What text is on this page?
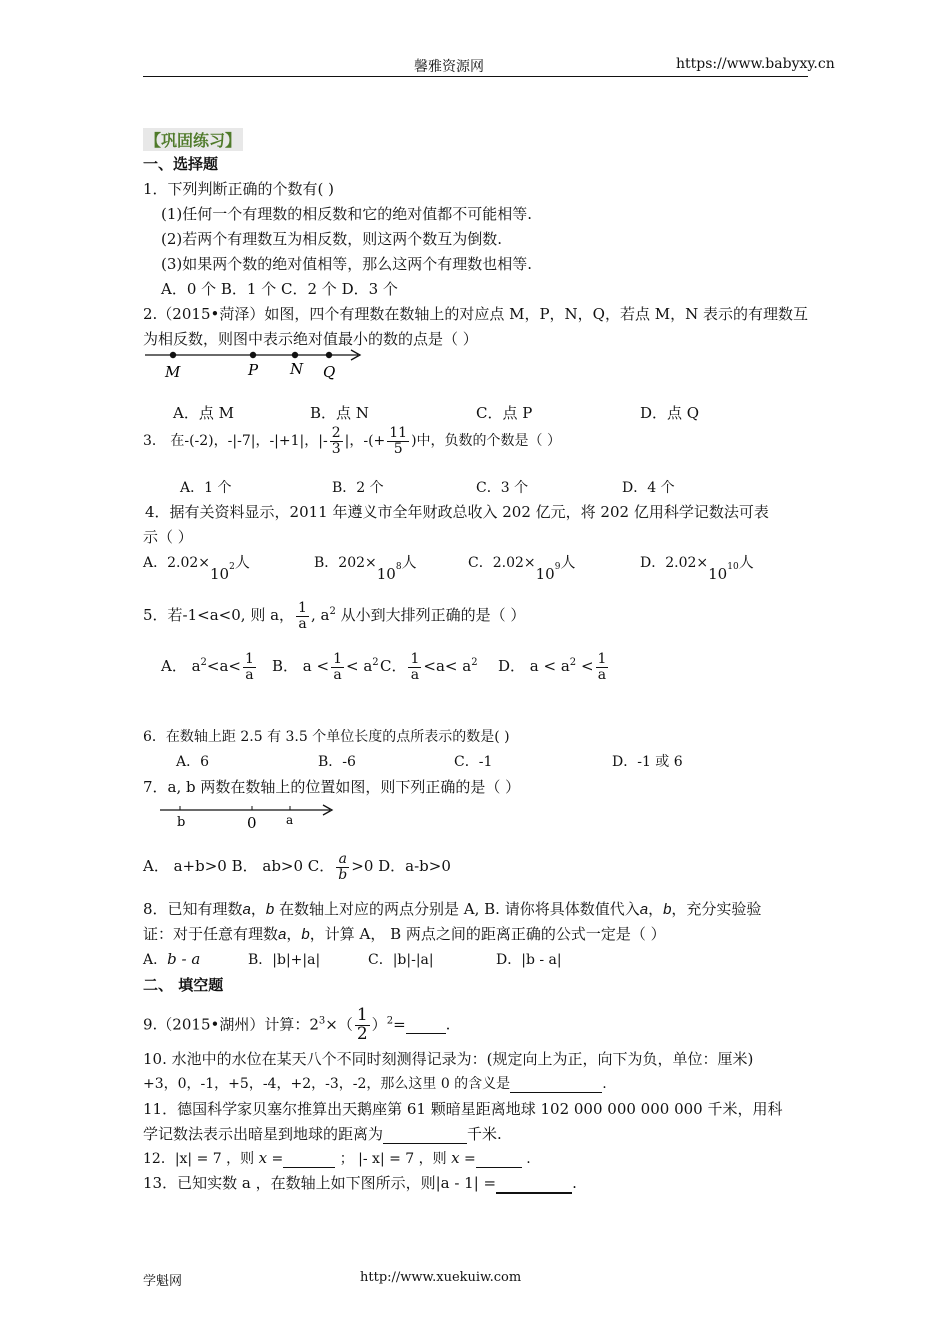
馨雅资源网	https://www.babyxy.cn
【巩固练习】
一、选择题
1．下列判断正确的个数有( )
(1)任何一个有理数的相反数和它的绝对值都不可能相等.
(2)若两个有理数互为相反数，则这两个数互为倒数.
(3)如果两个数的绝对值相等，那么这两个有理数也相等.
A．0 个 B．1 个 C．2 个 D．3 个
2.（2015•菏泽）如图，四个有理数在数轴上的对应点 M，P，N，Q，若点 M，N 表示的有理数互
为相反数，则图中表示绝对值最小的数的点是（ ）
M	P N Q
A．点 M	B．点 N	C．点 P	D．点 Q
3． 在-(-2)，-|-7|，-|+1|，|- $\frac{2}{3}$ |，-(+ $\frac{11}{5}$ )中，负数的个数是（ ）
A．1 个	B．2 个	C．3 个	D．4 个
4．据有关资料显示，2011 年遵义市全年财政总收入 202 亿元，将 202 亿用科学记数法可表
示（ ）
A．$2.02\times 10^2$人	B．$202\times 10^8$人	C．$2.02\times 10^9$人	D．$2.02\times 10^{10}$人
5．若-1<a<0, 则 a， $\frac{1}{a}$ , $a^2$ 从小到大排列正确的是（ ）
A． $a^2<a< \frac{1}{a}$ B． $a < \frac{1}{a} < a^2$ C． $\frac{1}{a} <a< a^2$ D． $a < a^2 < \frac{1}{a}$
6．在数轴上距 2.5 有 3.5 个单位长度的点所表示的数是( )
A．6	B．-6	C．-1	D．-1 或 6
7．a, b 两数在数轴上的位置如图，则下列正确的是（ ）
b	0 a
A． a+b>0 B． ab>0 C． $\frac{a}{b} >0$ D．a-b>0
8．已知有理数a，b 在数轴上对应的两点分别是 A, B. 请你将具体数值代入a，b，充分实验验
证：对于任意有理数a，b，计算 A， B 两点之间的距离正确的公式一定是（ ）
A．b - a	B．|b|+|a|	C．|b|-|a|	D．|b - a|
二、 填空题
9.（2015•湖州）计算：$2^3\times( \frac{1}{2} )^2=$	.
10. 水池中的水位在某天八个不同时刻测得记录为：(规定向上为正，向下为负，单位：厘米)
+3，0，-1，+5，-4，+2，-3，-2，那么这里 0 的含义是	.
11．德国科学家贝塞尔推算出天鹅座第 61 颗暗星距离地球 102 000 000 000 000 千米，用科
学记数法表示出暗星到地球的距离为	千米.
12．|x| = 7 ，则 x =	； |- x| = 7 ，则 x =	.
13．已知实数 a ，在数轴上如下图所示，则|a - 1| =	.
学魁网	http://www.xuekuiw.com
